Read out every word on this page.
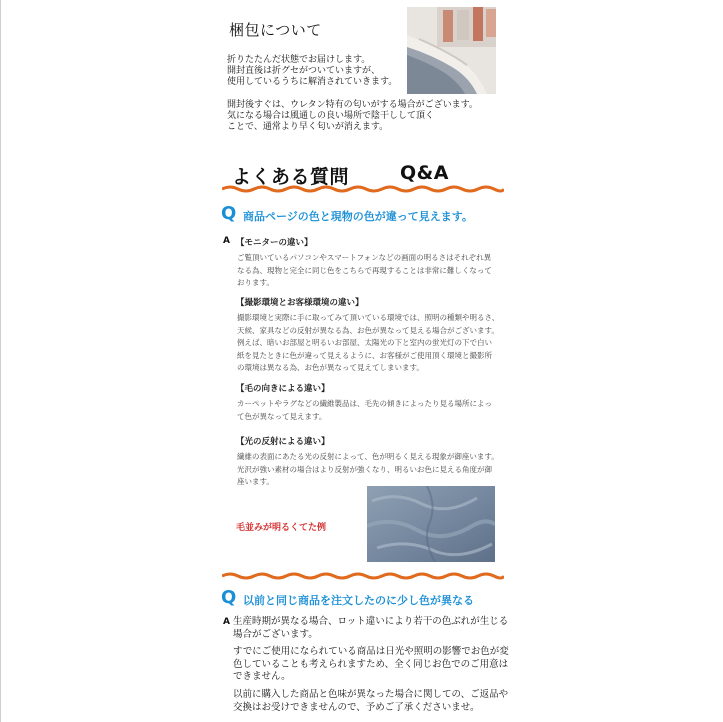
梱包について
折りたたんだ状態でお届けします。
開封直後は折グセがついていますが、
使用しているうちに解消されていきます。
開封後すぐは、ウレタン特有の匂いがする場合がございます。
気になる場合は風通しの良い場所で陰干しして頂く
ことで、通常より早く匂いが消えます。
よくある質問	Q&A
Q 商品ページの色と現物の色が違って見えます。
A 【モニターの違い】
ご覧頂いているパソコンやスマートフォンなどの画面の明るさはそれぞれ異
なる為、現物と完全に同じ色をこちらで再現することは非常に難しくなって
おります。
【撮影環境とお客様環境の違い】
撮影環境と実際に手に取ってみて頂いている環境では、照明の種類や明るさ、
天候、家具などの反射が異なる為、お色が異なって見える場合がございます。
例えば、暗いお部屋と明るいお部屋、太陽光の下と室内の蛍光灯の下で白い
紙を見たときに色が違って見えるように、お客様がご使用頂く環境と撮影所
の環境は異なる為、お色が異なって見えてしまいます。
【毛の向きによる違い】
カーペットやラグなどの繊維製品は、毛先の傾きによったり見る場所によっ
て色が異なって見えます。
【光の反射による違い】
繊維の表面にあたる光の反射によって、色が明るく見える現象が御座います。
光沢が強い素材の場合はより反射が強くなり、明るいお色に見える角度が御
座います。
毛並みが明るくてた例
Q 以前と同じ商品を注文したのに少し色が異なる
A 生産時期が異なる場合、ロット違いにより若干の色ぶれが生じる
場合がございます。
すでにご使用になられている商品は日光や照明の影響でお色が変
色していることも考えられますため、全く同じお色でのご用意は
できません。
以前に購入した商品と色味が異なった場合に関しての、ご返品や
交換はお受けできませんので、予めご了承くださいませ。
